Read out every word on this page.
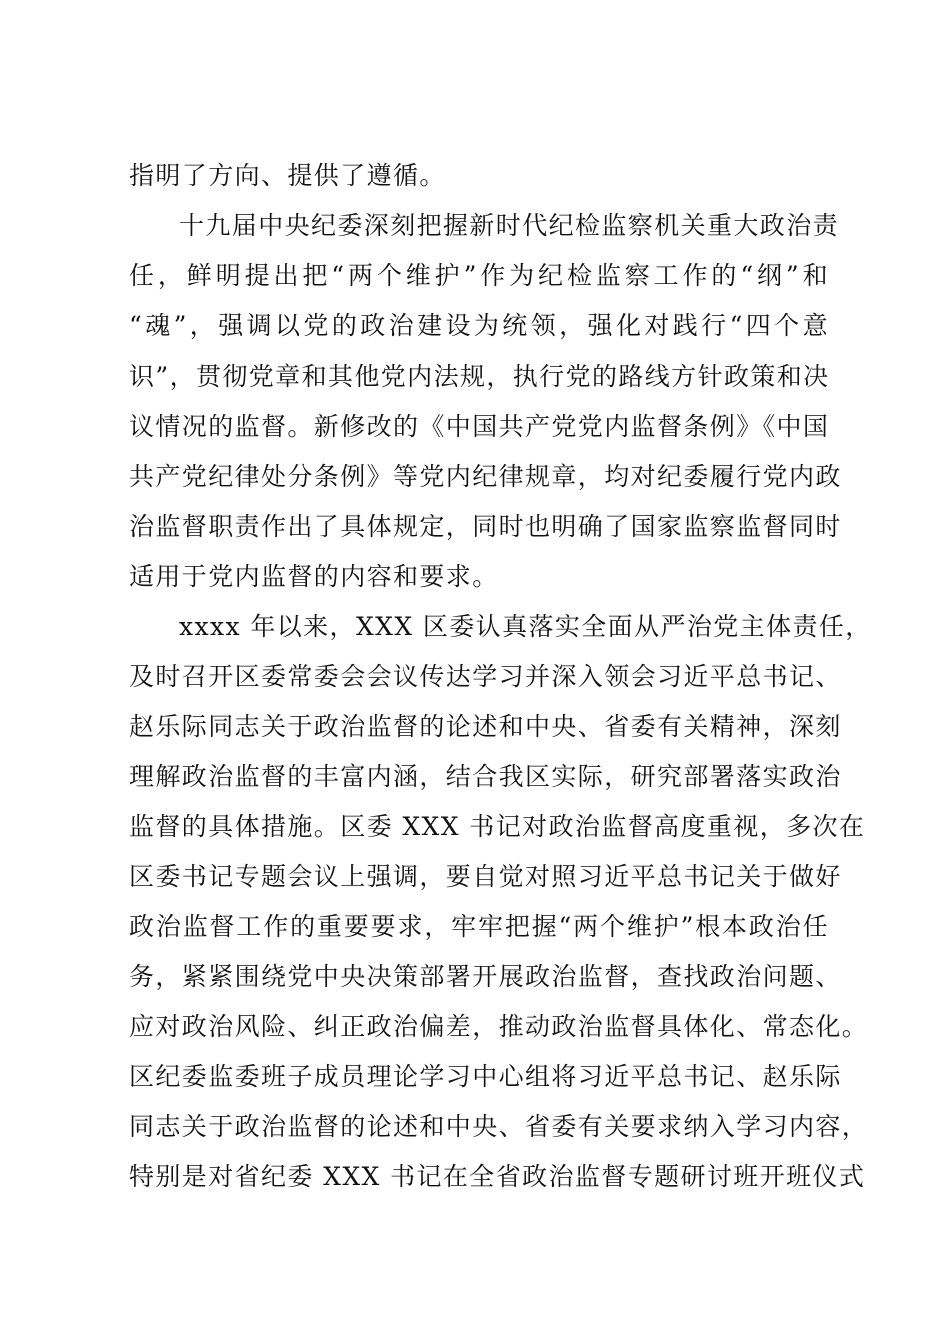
指明了方向、提供了遵循。
十九届中央纪委深刻把握新时代纪检监察机关重大政治责
任，鲜明提出把“两个维护”作为纪检监察工作的“纲”和
“魂”，强调以党的政治建设为统领，强化对践行“四个意
识”，贯彻党章和其他党内法规，执行党的路线方针政策和决
议情况的监督。新修改的《中国共产党党内监督条例》《中国
共产党纪律处分条例》等党内纪律规章，均对纪委履行党内政
治监督职责作出了具体规定，同时也明确了国家监察监督同时
适用于党内监督的内容和要求。
xxxx 年以来，XXX 区委认真落实全面从严治党主体责任，
及时召开区委常委会会议传达学习并深入领会习近平总书记、
赵乐际同志关于政治监督的论述和中央、省委有关精神，深刻
理解政治监督的丰富内涵，结合我区实际，研究部署落实政治
监督的具体措施。区委 XXX 书记对政治监督高度重视，多次在
区委书记专题会议上强调，要自觉对照习近平总书记关于做好
政治监督工作的重要要求，牢牢把握“两个维护”根本政治任
务，紧紧围绕党中央决策部署开展政治监督，查找政治问题、
应对政治风险、纠正政治偏差，推动政治监督具体化、常态化。
区纪委监委班子成员理论学习中心组将习近平总书记、赵乐际
同志关于政治监督的论述和中央、省委有关要求纳入学习内容，
特别是对省纪委 XXX 书记在全省政治监督专题研讨班开班仪式
